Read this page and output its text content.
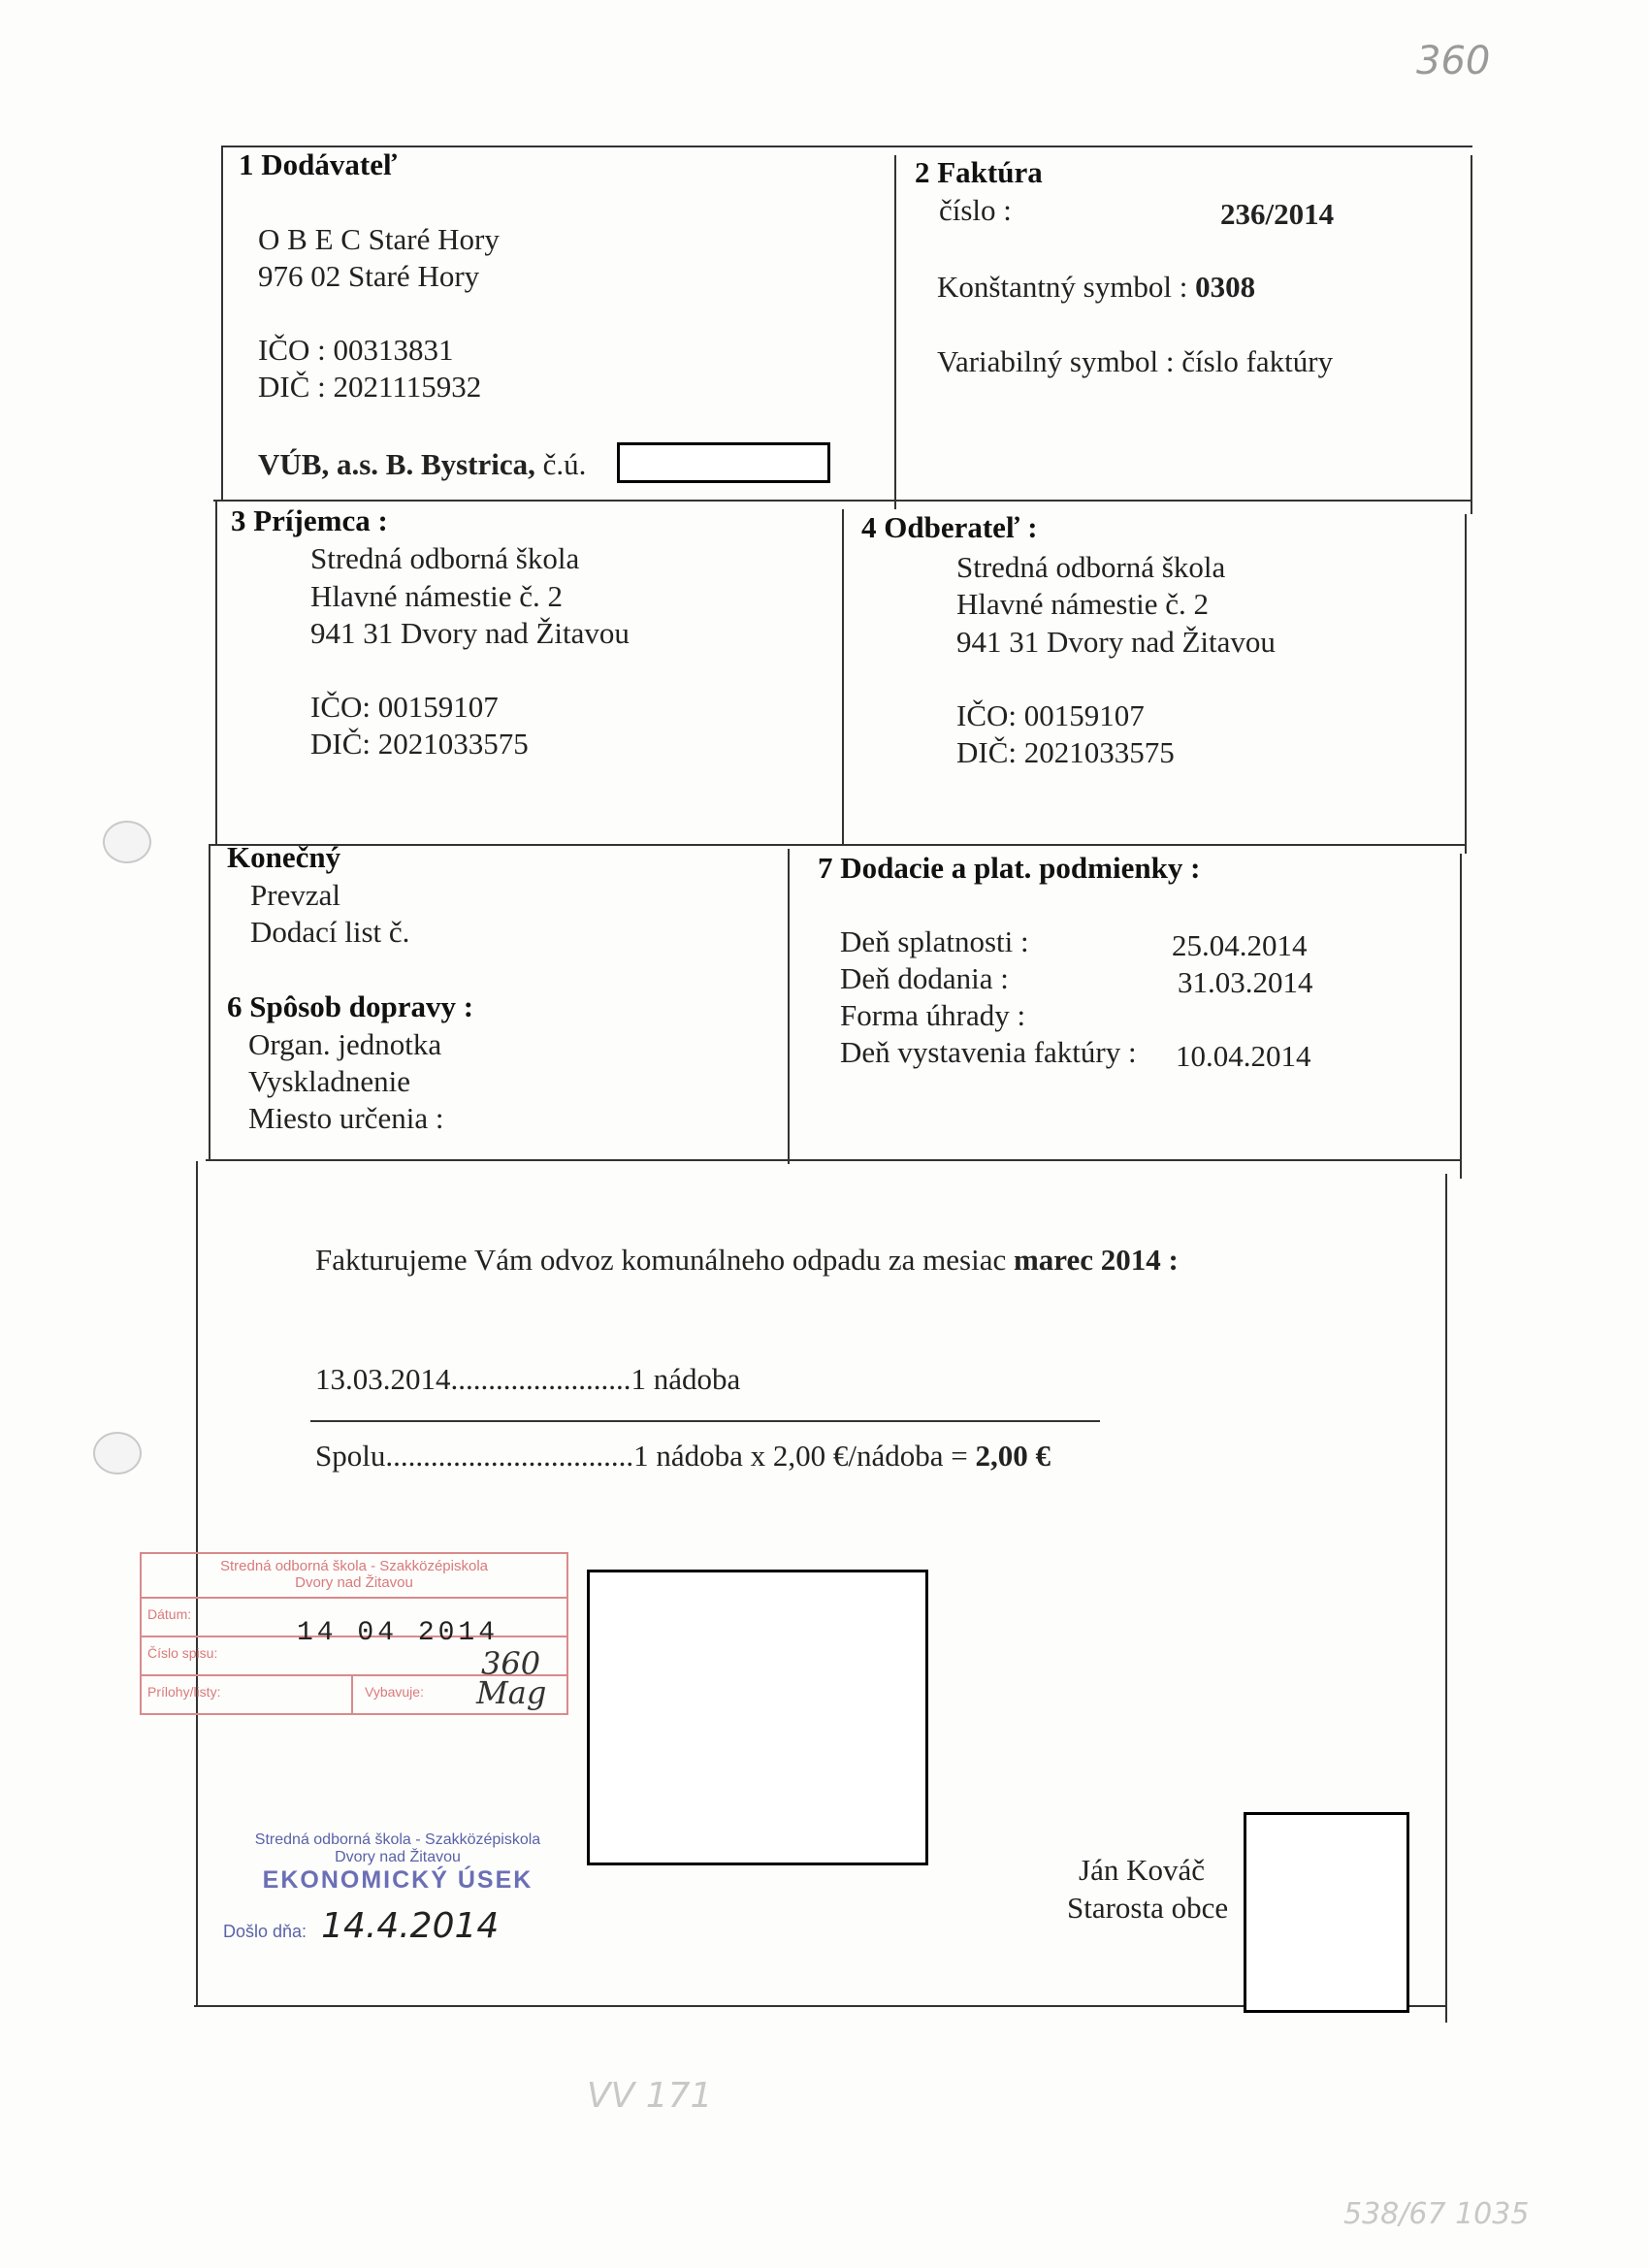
360
1 Dodávateľ
O B E C Staré Hory
976 02 Staré Hory
IČO : 00313831
DIČ : 2021115932
VÚB, a.s. B. Bystrica, č.ú.
2 Faktúra
číslo :	236/2014
Konštantný symbol : 0308
Variabilný symbol : číslo faktúry
3 Príjemca :
Stredná odborná škola
Hlavné námestie č. 2
941 31 Dvory nad Žitavou
IČO: 00159107
DIČ: 2021033575
4 Odberateľ :
Stredná odborná škola
Hlavné námestie č. 2
941 31 Dvory nad Žitavou
IČO: 00159107
DIČ: 2021033575
Konečný
Prevzal
Dodací list č.
6 Spôsob dopravy :
Organ. jednotka
Vyskladnenie
Miesto určenia :
7 Dodacie a plat. podmienky :
Deň splatnosti :	25.04.2014
Deň dodania :	31.03.2014
Forma úhrady :
Deň vystavenia faktúry : 10.04.2014
Fakturujeme Vám odvoz komunálneho odpadu za mesiac marec 2014 :
13.03.2014........................1 nádoba
Spolu.................................1 nádoba x 2,00 €/nádoba = 2,00 €
Stredná odborná škola - Szakközépiskola
Dvory nad Žitavou
Dátum:
14 04 2014
Číslo spisu:	360
Prílohy/listy:	Vybavuje: Mag
Stredná odborná škola - Szakközépiskola
Dvory nad Žitavou
EKONOMICKÝ ÚSEK
Došlo dňa: 14.4.2014
Ján Kováč
Starosta obce
VV 171
538/67 1035
